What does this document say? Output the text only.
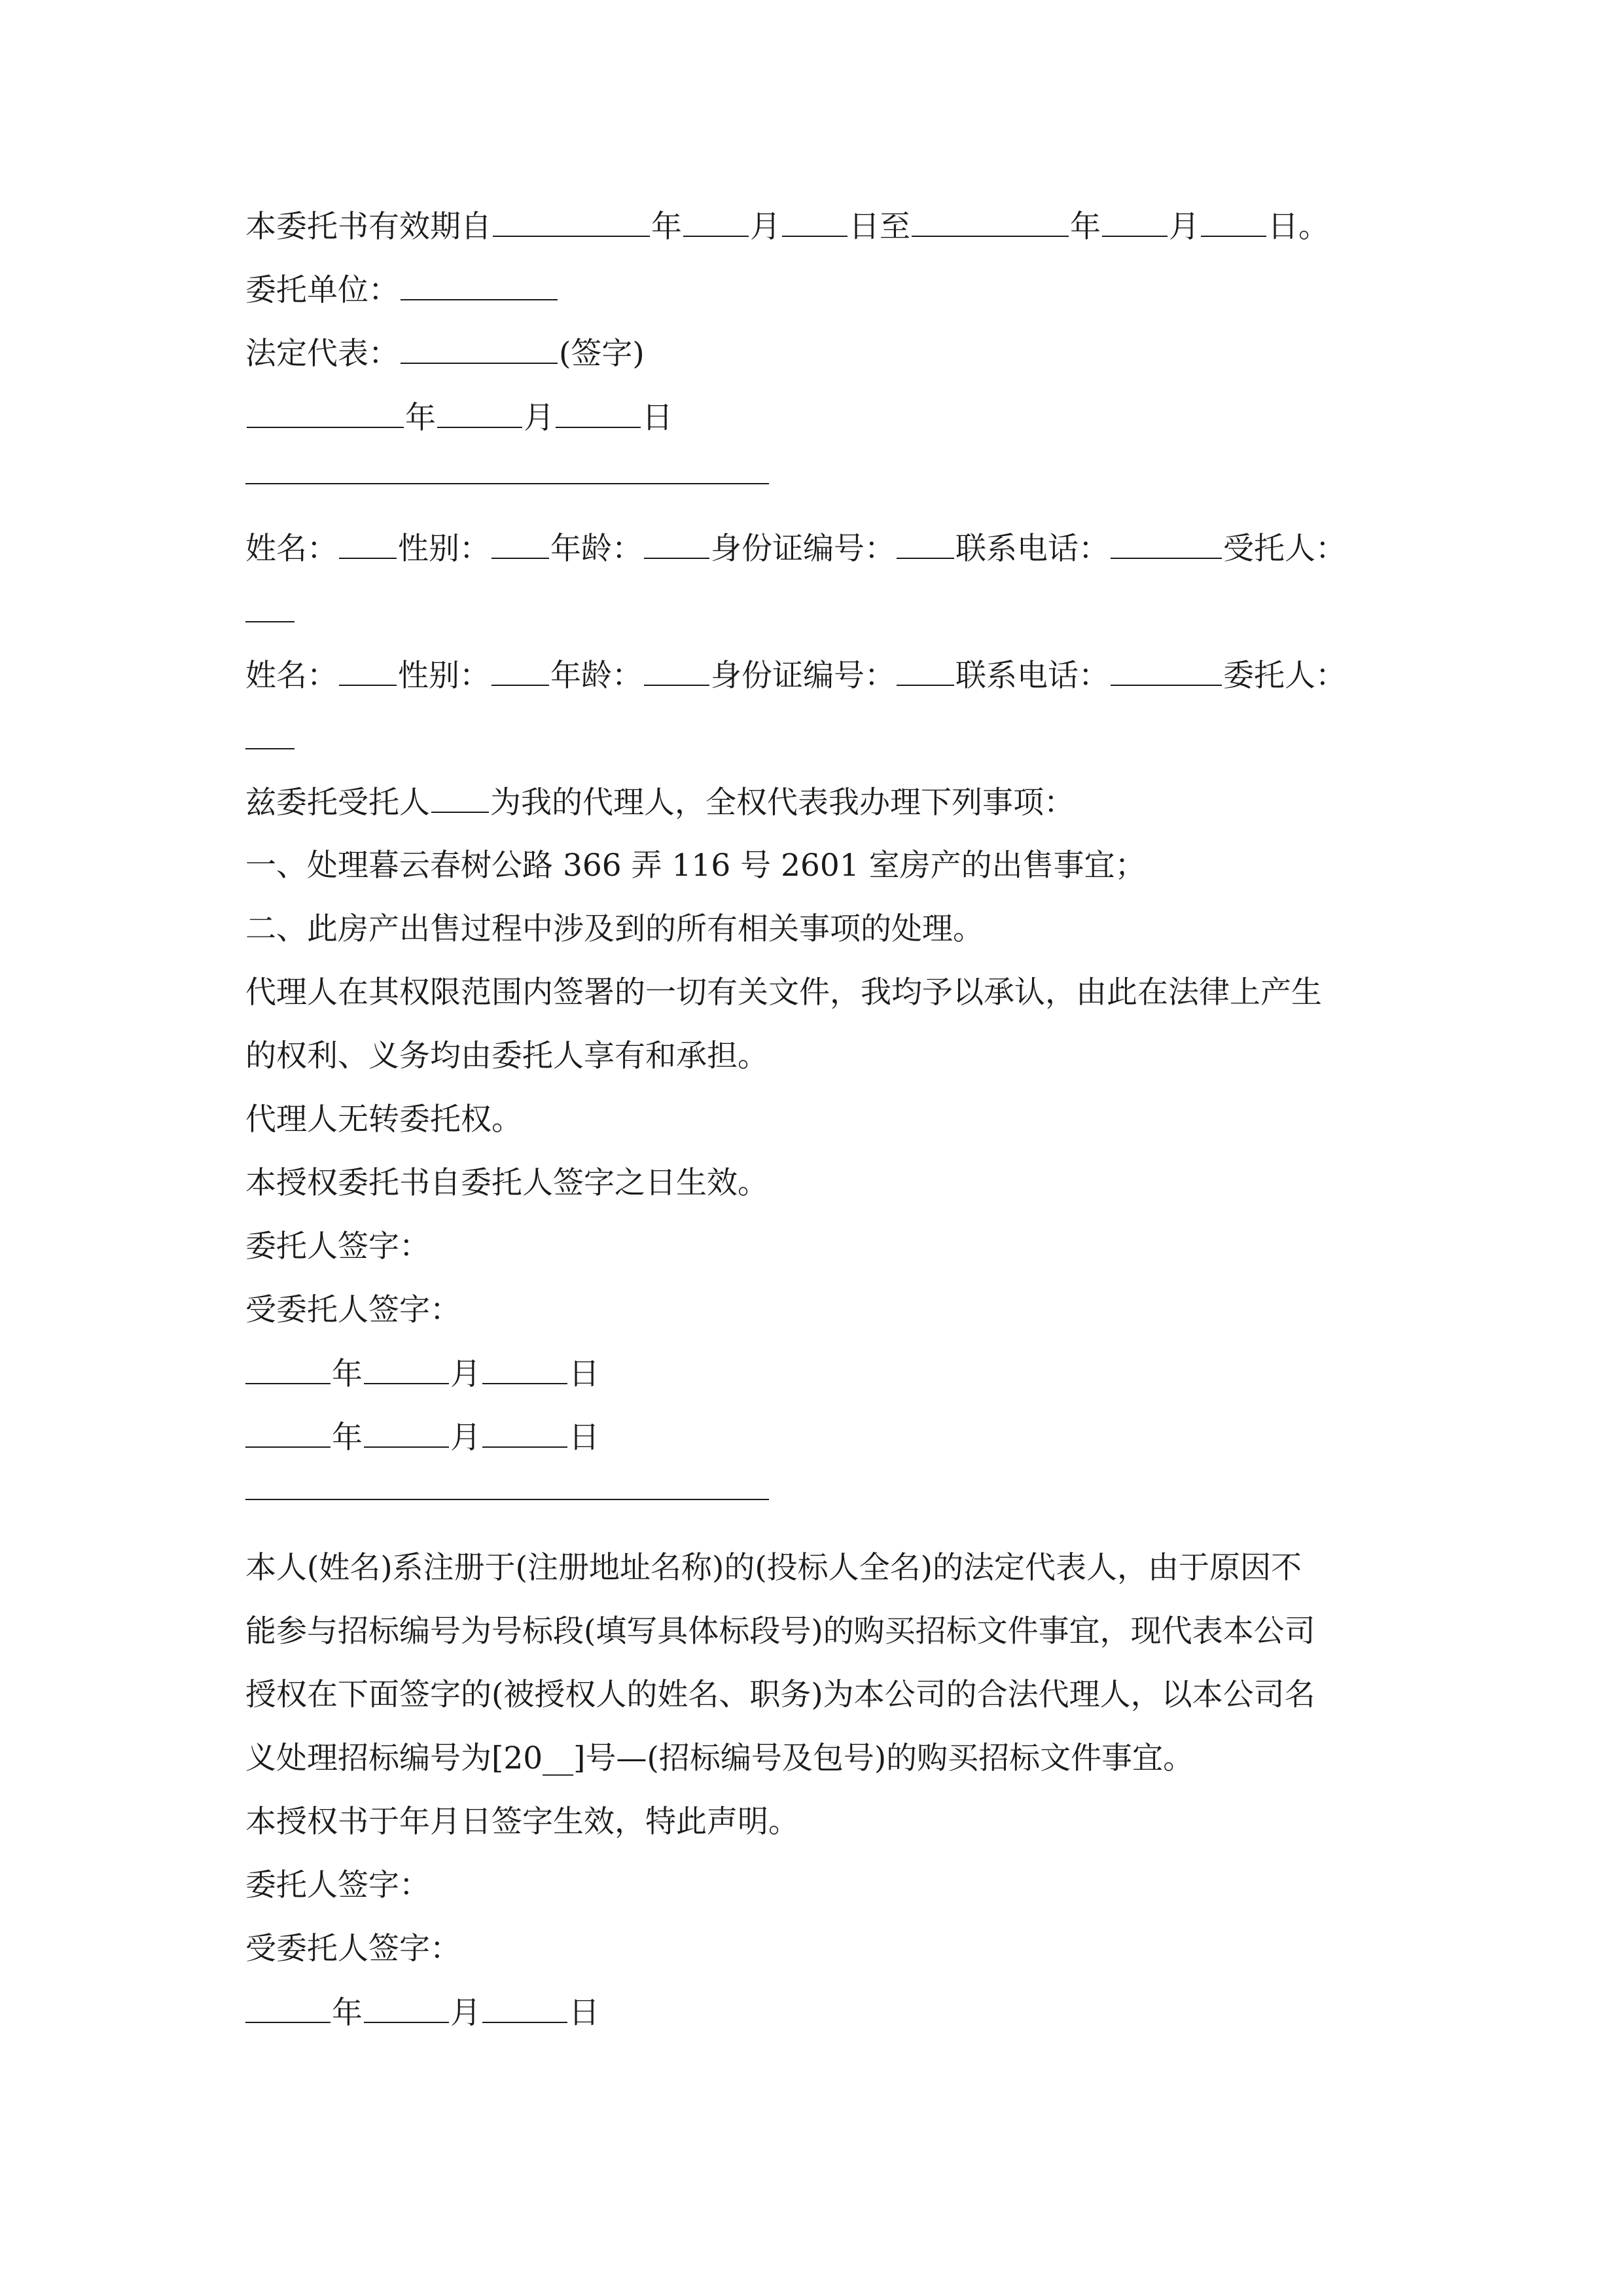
本委托书有效期自	年 月 日至	年 月 日。
委托单位：
法定代表：	(签字)
年	月	日
姓名： 性别： 年龄： 身份证编号： 联系电话：	受托人：
姓名： 性别： 年龄： 身份证编号： 联系电话：	委托人：
兹委托受托人 为我的代理人，全权代表我办理下列事项：
一、处理暮云春树公路 366 弄 116 号 2601 室房产的出售事宜；
二、此房产出售过程中涉及到的所有相关事项的处理。
代理人在其权限范围内签署的一切有关文件，我均予以承认，由此在法律上产生
的权利、义务均由委托人享有和承担。
代理人无转委托权。
本授权委托书自委托人签字之日生效。
委托人签字：
受委托人签字：
年	月	日
年	月	日
本人(姓名)系注册于(注册地址名称)的(投标人全名)的法定代表人，由于原因不
能参与招标编号为号标段(填写具体标段号)的购买招标文件事宜，现代表本公司
授权在下面签字的(被授权人的姓名、职务)为本公司的合法代理人，以本公司名
义处理招标编号为[20__]号—(招标编号及包号)的购买招标文件事宜。
本授权书于年月日签字生效，特此声明。
委托人签字：
受委托人签字：
年	月	日
